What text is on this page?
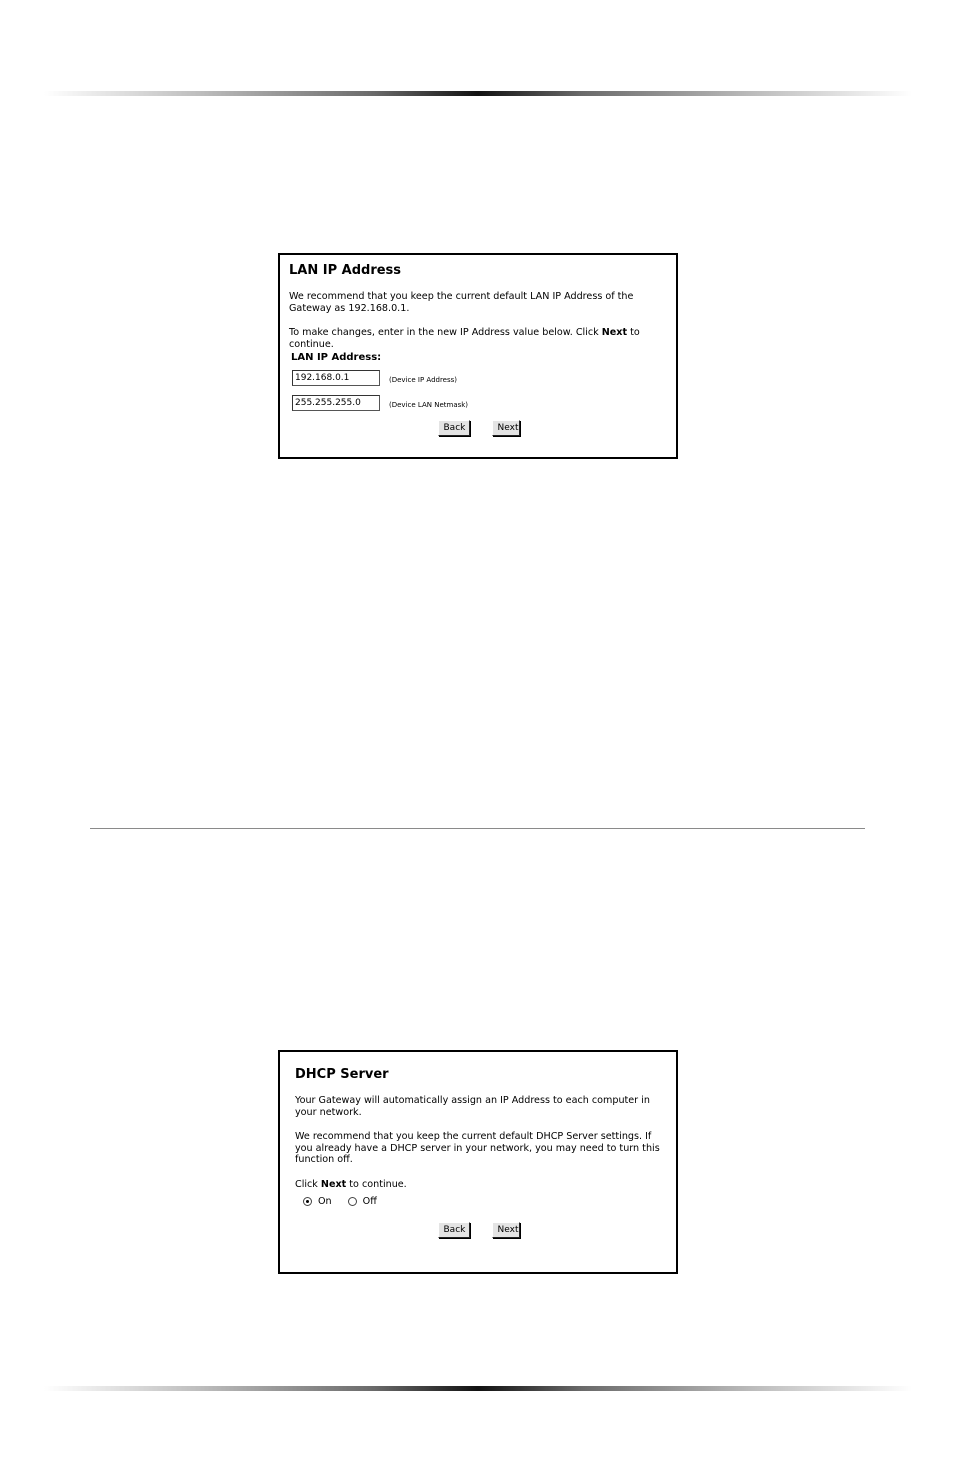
LAN IP Address

We recommend that you keep the current default LAN IP Address of the Gateway as 192.168.0.1.

To make changes, enter in the new IP Address value below. Click Next to continue.

LAN IP Address:
192.168.0.1
(Device IP Address)
255.255.255.0
(Device LAN Netmask)
Back	Next
DHCP Server

Your Gateway will automatically assign an IP Address to each computer in your network.

We recommend that you keep the current default DHCP Server settings. If you already have a DHCP server in your network, you may need to turn this function off.

Click Next to continue.

On	Off
Back	Next
